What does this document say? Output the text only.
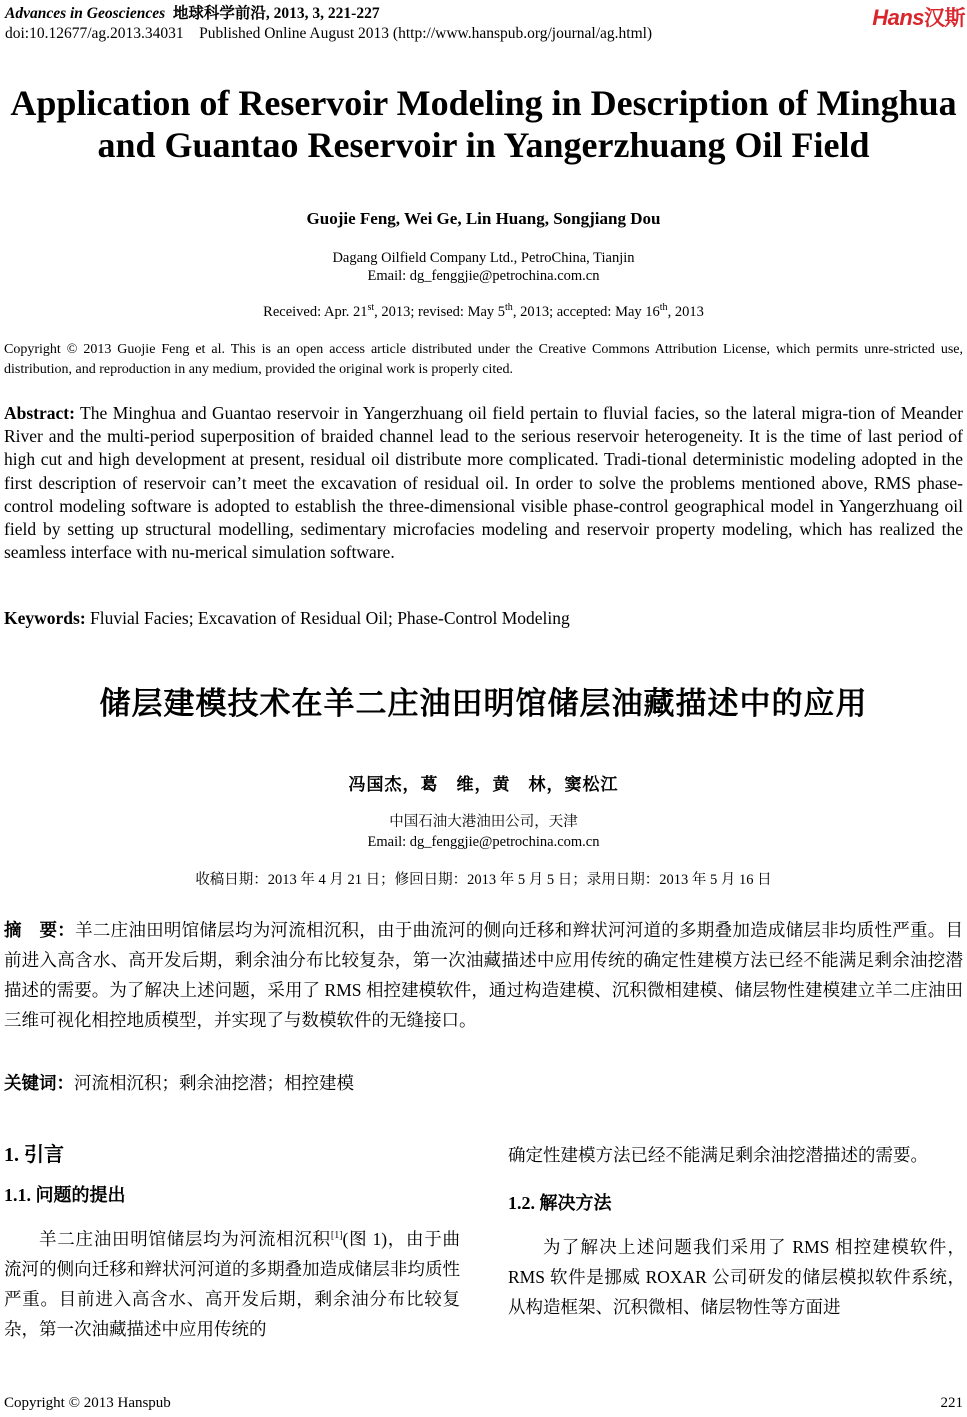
Advances in Geosciences 地球科学前沿, 2013, 3, 221-227
doi:10.12677/ag.2013.34031    Published Online August 2013 (http://www.hanspub.org/journal/ag.html)
Hans汉斯
Application of Reservoir Modeling in Description of Minghua
and Guantao Reservoir in Yangerzhuang Oil Field
Guojie Feng, Wei Ge, Lin Huang, Songjiang Dou
Dagang Oilfield Company Ltd., PetroChina, Tianjin
Email: dg_fenggjie@petrochina.com.cn
Received: Apr. 21st, 2013; revised: May 5th, 2013; accepted: May 16th, 2013
Copyright © 2013 Guojie Feng et al. This is an open access article distributed under the Creative Commons Attribution License, which permits unre-stricted use, distribution, and reproduction in any medium, provided the original work is properly cited.
Abstract: The Minghua and Guantao reservoir in Yangerzhuang oil field pertain to fluvial facies, so the lateral migra-tion of Meander River and the multi-period superposition of braided channel lead to the serious reservoir heterogeneity. It is the time of last period of high cut and high development at present, residual oil distribute more complicated. Tradi-tional deterministic modeling adopted in the first description of reservoir can’t meet the excavation of residual oil. In order to solve the problems mentioned above, RMS phase-control modeling software is adopted to establish the three-dimensional visible phase-control geographical model in Yangerzhuang oil field by setting up structural modelling, sedimentary microfacies modeling and reservoir property modeling, which has realized the seamless interface with nu-merical simulation software.
Keywords: Fluvial Facies; Excavation of Residual Oil; Phase-Control Modeling
储层建模技术在羊二庄油田明馆储层油藏描述中的应用
冯国杰，葛　维，黄　林，窦松江
中国石油大港油田公司，天津
Email: dg_fenggjie@petrochina.com.cn
收稿日期：2013 年 4 月 21 日；修回日期：2013 年 5 月 5 日；录用日期：2013 年 5 月 16 日
摘　要：羊二庄油田明馆储层均为河流相沉积，由于曲流河的侧向迁移和辫状河河道的多期叠加造成储层非均质性严重。目前进入高含水、高开发后期，剩余油分布比较复杂，第一次油藏描述中应用传统的确定性建模方法已经不能满足剩余油挖潜描述的需要。为了解决上述问题，采用了 RMS 相控建模软件，通过构造建模、沉积微相建模、储层物性建模建立羊二庄油田三维可视化相控地质模型，并实现了与数模软件的无缝接口。
关键词：河流相沉积；剩余油挖潜；相控建模
1. 引言
1.1. 问题的提出
羊二庄油田明馆储层均为河流相沉积[1](图 1)，由于曲流河的侧向迁移和辫状河河道的多期叠加造成储层非均质性严重。目前进入高含水、高开发后期，剩余油分布比较复杂，第一次油藏描述中应用传统的
确定性建模方法已经不能满足剩余油挖潜描述的需要。
1.2. 解决方法
为了解决上述问题我们采用了 RMS 相控建模软件，RMS 软件是挪威 ROXAR 公司研发的储层模拟软件系统，从构造框架、沉积微相、储层物性等方面进
Copyright © 2013 Hanspub	221
